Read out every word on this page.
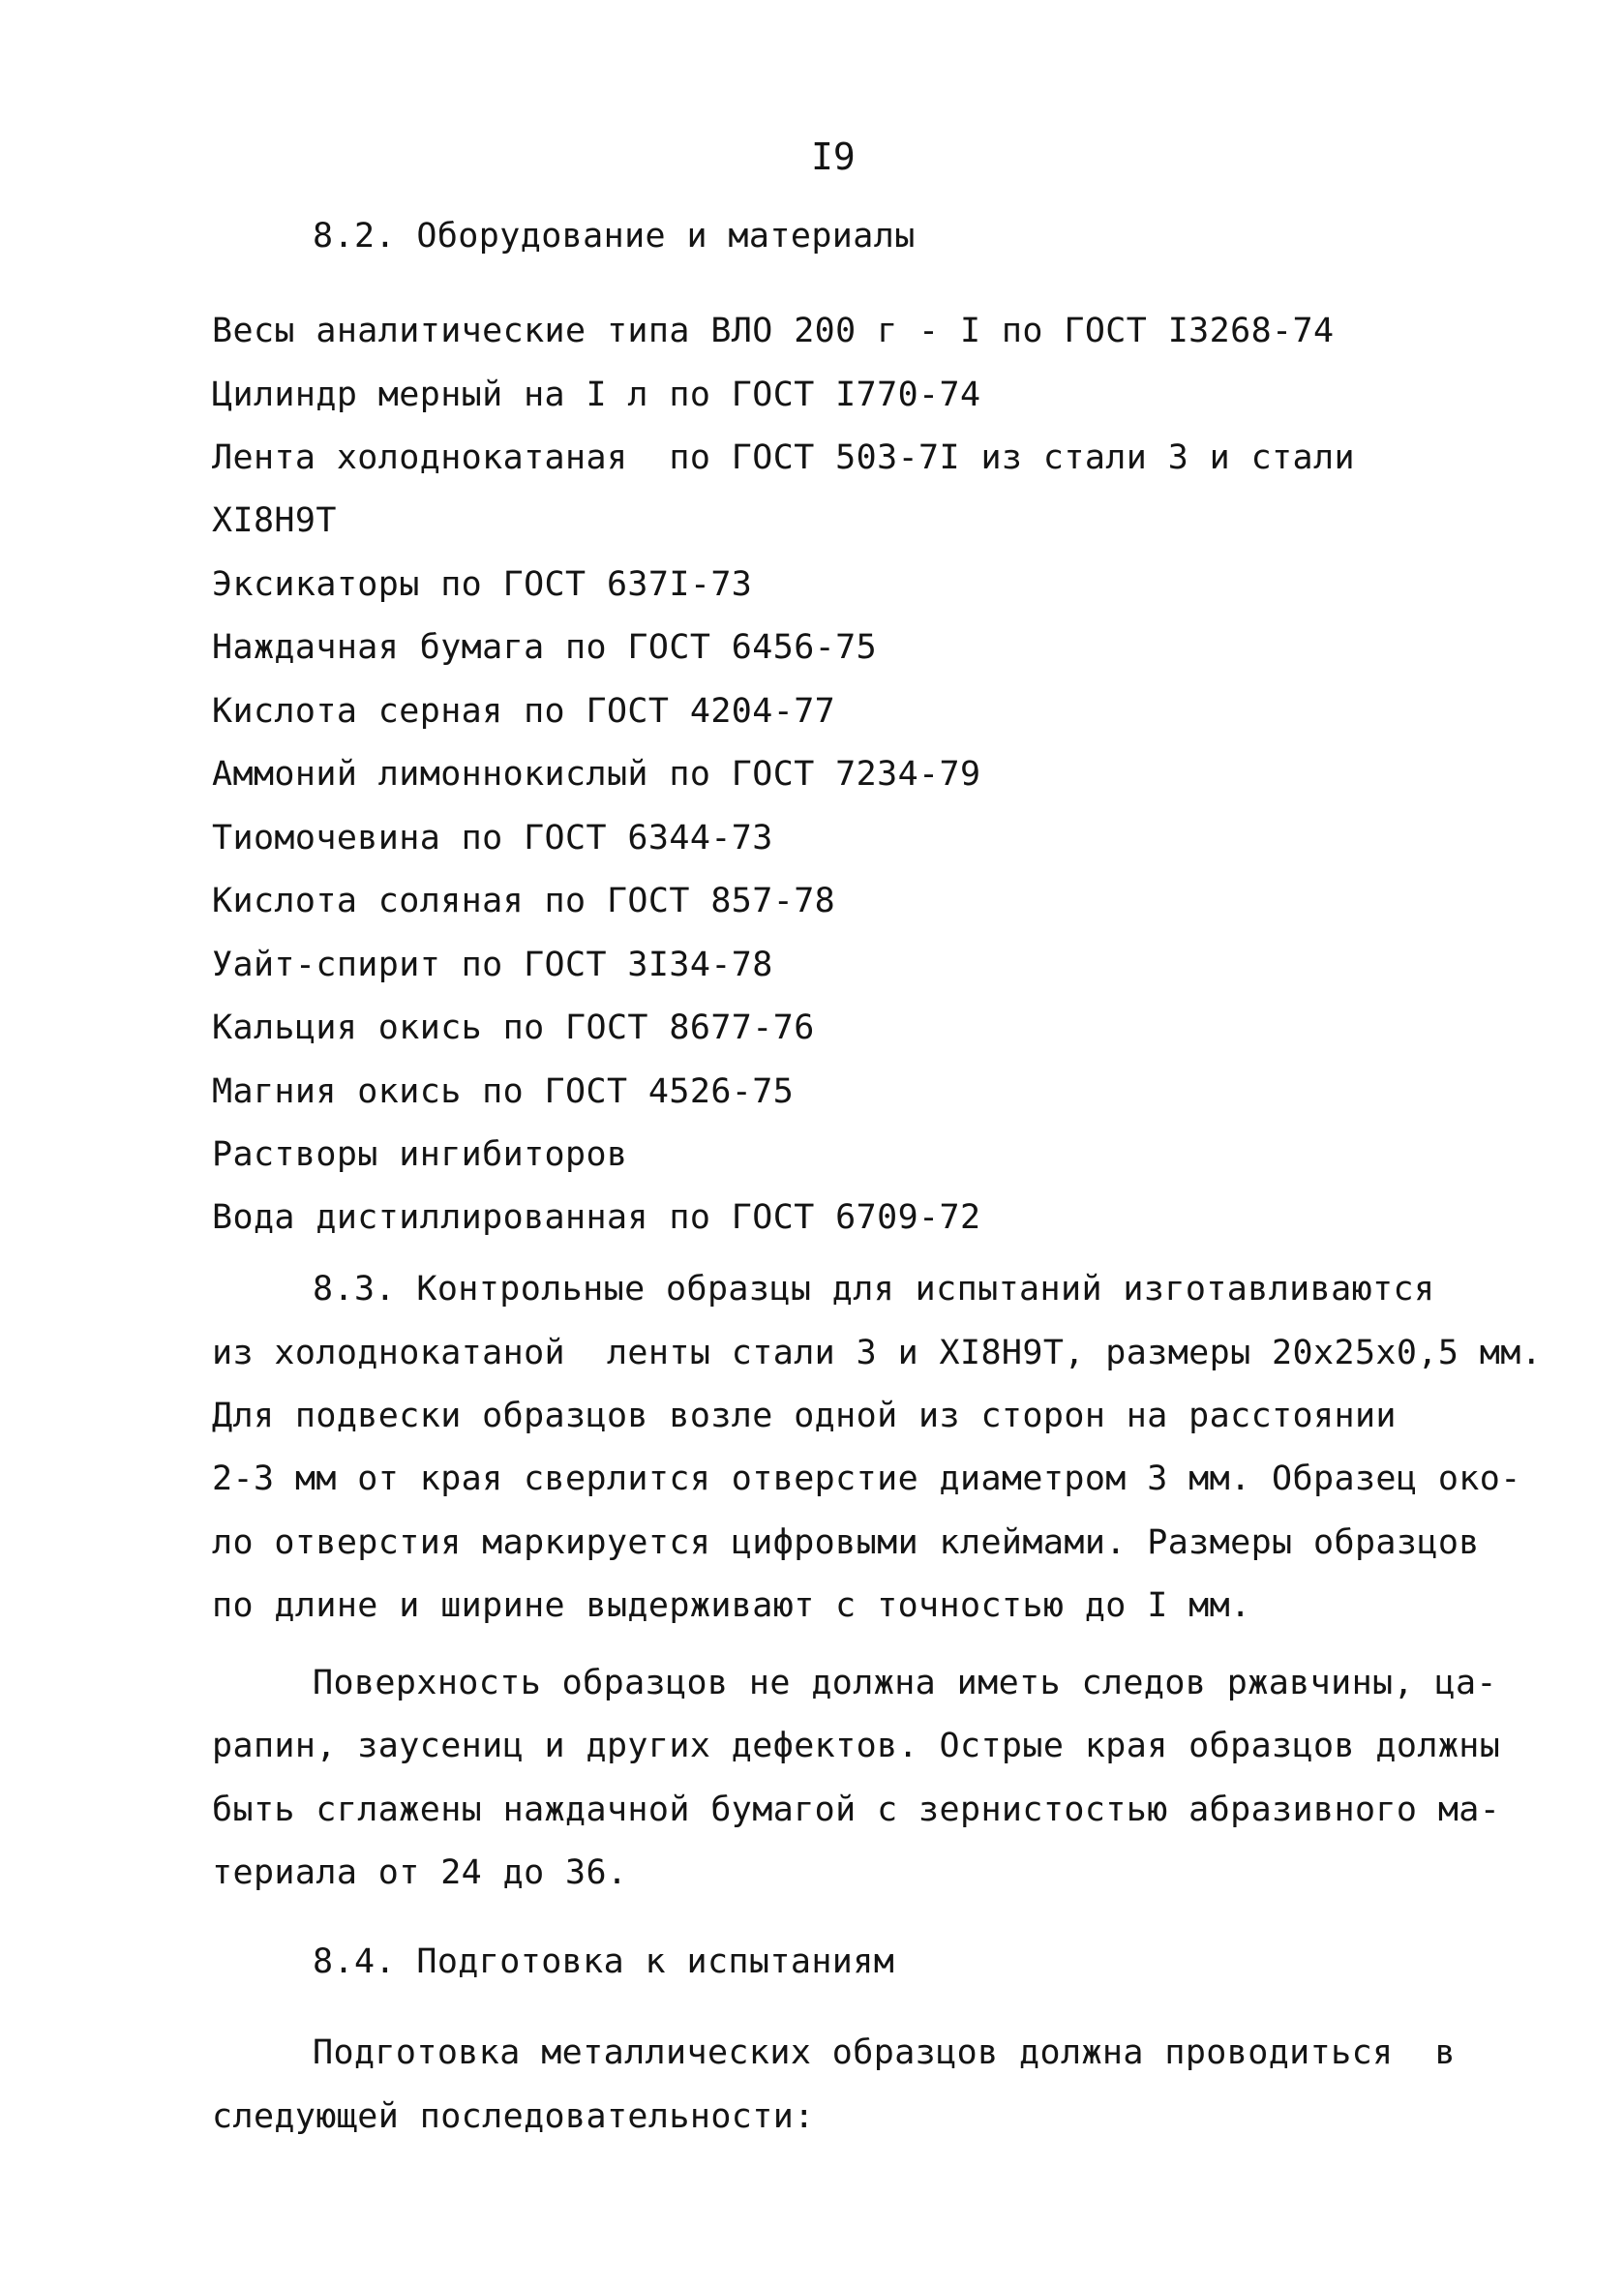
I9
8.2. Оборудование и материалы
Весы аналитические типа ВЛО 200 г - I по ГОСТ I3268-74
Цилиндр мерный на I л по ГОСТ I770-74
Лента холоднокатаная  по ГОСТ 503-7I из стали 3 и стали
XI8H9T
Эксикаторы по ГОСТ 637I-73
Наждачная бумага по ГОСТ 6456-75
Кислота серная по ГОСТ 4204-77
Аммоний лимоннокислый по ГОСТ 7234-79
Тиомочевина по ГОСТ 6344-73
Кислота соляная по ГОСТ 857-78
Уайт-спирит по ГОСТ 3I34-78
Кальция окись по ГОСТ 8677-76
Магния окись по ГОСТ 4526-75
Растворы ингибиторов
Вода дистиллированная по ГОСТ 6709-72
8.3. Контрольные образцы для испытаний изготавливаются
из холоднокатаной  ленты стали 3 и XI8H9T, размеры 20x25x0,5 мм.
Для подвески образцов возле одной из сторон на расстоянии
2-3 мм от края сверлится отверстие диаметром 3 мм. Образец око-
ло отверстия маркируется цифровыми клеймами. Размеры образцов
по длине и ширине выдерживают с точностью до I мм.
Поверхность образцов не должна иметь следов ржавчины, ца-
рапин, заусениц и других дефектов. Острые края образцов должны
быть сглажены наждачной бумагой с зернистостью абразивного ма-
териала от 24 до 36.
8.4. Подготовка к испытаниям
Подготовка металлических образцов должна проводиться  в
следующей последовательности:
